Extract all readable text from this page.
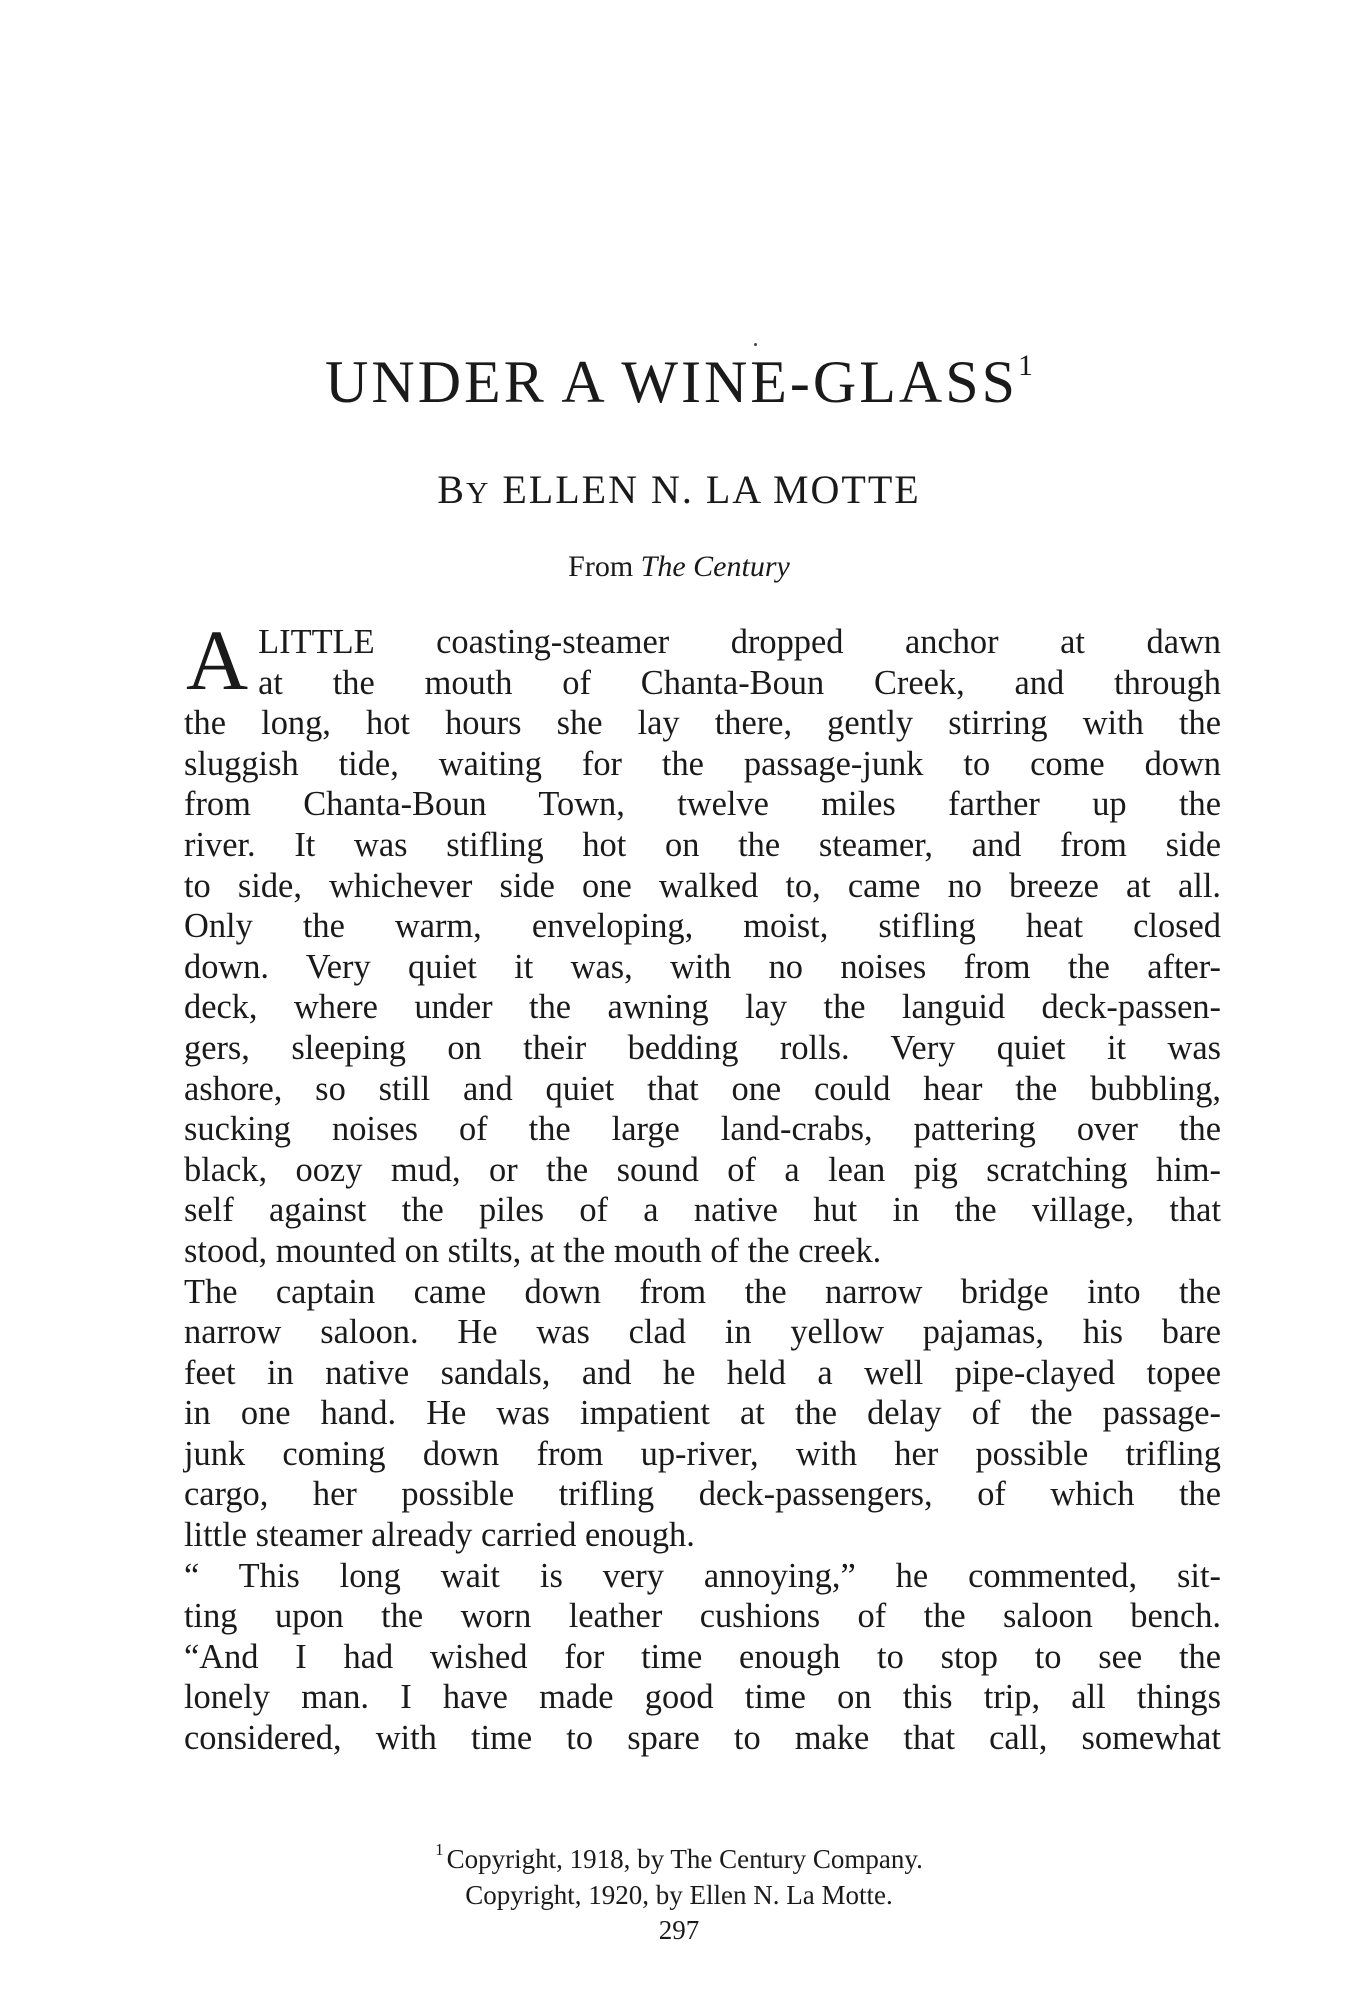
UNDER A WINE-GLASS$^1$
BY ELLEN N. LA MOTTE
From The Century
A LITTLE coasting-steamer dropped anchor at dawn
at the mouth of Chanta-Boun Creek, and through
the long, hot hours she lay there, gently stirring with the
sluggish tide, waiting for the passage-junk to come down
from Chanta-Boun Town, twelve miles farther up the
river. It was stifling hot on the steamer, and from side
to side, whichever side one walked to, came no breeze at all.
Only the warm, enveloping, moist, stifling heat closed
down. Very quiet it was, with no noises from the after-
deck, where under the awning lay the languid deck-passen-
gers, sleeping on their bedding rolls. Very quiet it was
ashore, so still and quiet that one could hear the bubbling,
sucking noises of the large land-crabs, pattering over the
black, oozy mud, or the sound of a lean pig scratching him-
self against the piles of a native hut in the village, that
stood, mounted on stilts, at the mouth of the creek.
The captain came down from the narrow bridge into the
narrow saloon. He was clad in yellow pajamas, his bare
feet in native sandals, and he held a well pipe-clayed topee
in one hand. He was impatient at the delay of the passage-
junk coming down from up-river, with her possible trifling
cargo, her possible trifling deck-passengers, of which the
little steamer already carried enough.
“ This long wait is very annoying,” he commented, sit-
ting upon the worn leather cushions of the saloon bench.
“And I had wished for time enough to stop to see the
lonely man. I have made good time on this trip, all things
considered, with time to spare to make that call, somewhat
$^1$ Copyright, 1918, by The Century Company.
Copyright, 1920, by Ellen N. La Motte.
297
